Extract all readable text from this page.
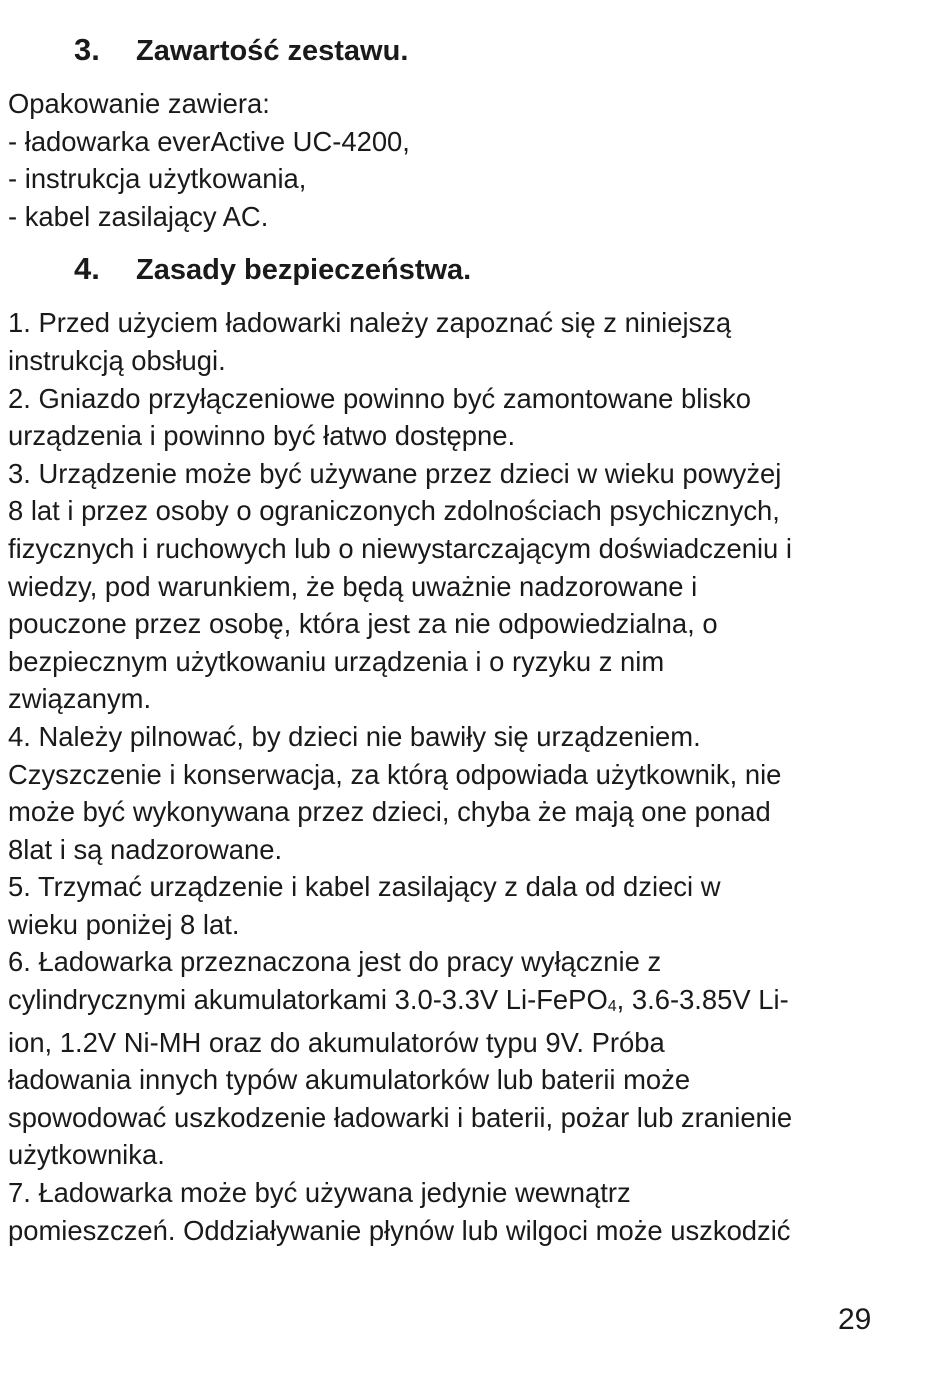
3.	Zawartość zestawu.
Opakowanie zawiera:
- ładowarka everActive UC-4200,
- instrukcja użytkowania,
- kabel zasilający AC.
4.	Zasady bezpieczeństwa.
1. Przed użyciem ładowarki należy zapoznać się z niniejszą
instrukcją obsługi.
2. Gniazdo przyłączeniowe powinno być zamontowane blisko
urządzenia i powinno być łatwo dostępne.
3. Urządzenie może być używane przez dzieci w wieku powyżej
8 lat i przez osoby o ograniczonych zdolnościach psychicznych,
fizycznych i ruchowych lub o niewystarczającym doświadczeniu i
wiedzy, pod warunkiem, że będą uważnie nadzorowane i
pouczone przez osobę, która jest za nie odpowiedzialna, o
bezpiecznym użytkowaniu urządzenia i o ryzyku z nim
związanym.
4. Należy pilnować, by dzieci nie bawiły się urządzeniem.
Czyszczenie i konserwacja, za którą odpowiada użytkownik, nie
może być wykonywana przez dzieci, chyba że mają one ponad
8lat i są nadzorowane.
5. Trzymać urządzenie i kabel zasilający z dala od dzieci w
wieku poniżej 8 lat.
6. Ładowarka przeznaczona jest do pracy wyłącznie z
cylindrycznymi akumulatorkami 3.0-3.3V Li-FePO$_4$, 3.6-3.85V Li-
ion, 1.2V Ni-MH oraz do akumulatorów typu 9V. Próba
ładowania innych typów akumulatorków lub baterii może
spowodować uszkodzenie ładowarki i baterii, pożar lub zranienie
użytkownika.
7. Ładowarka może być używana jedynie wewnątrz
pomieszczeń. Oddziaływanie płynów lub wilgoci może uszkodzić
29
